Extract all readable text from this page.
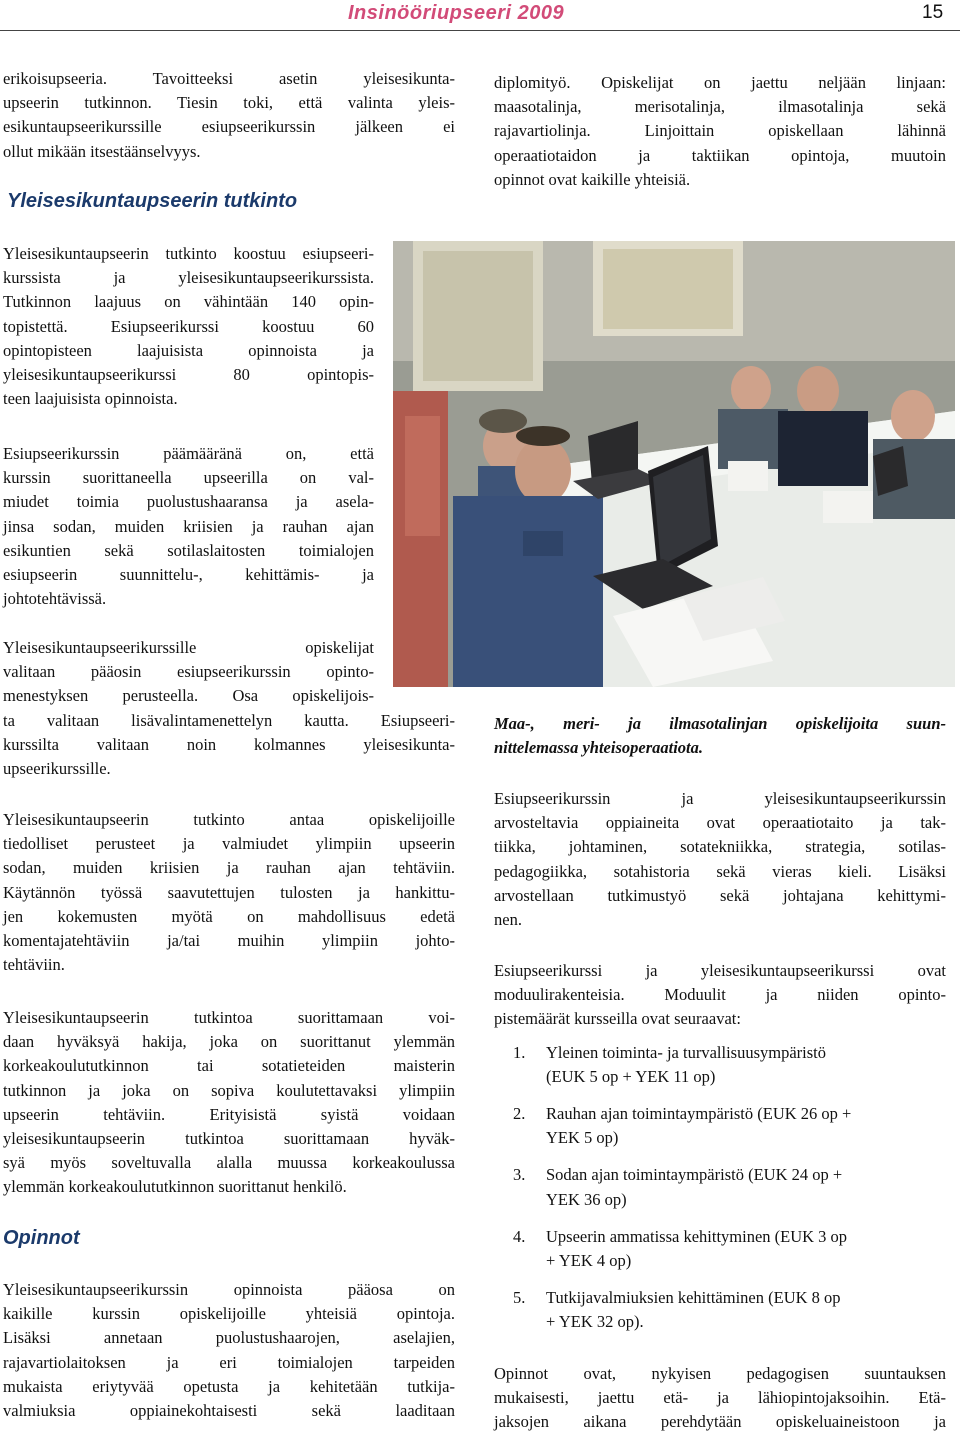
Insinööriupseeri 2009	15
erikoisupseeria. Tavoitteeksi asetin yleisesikunta-
upseerin tutkinnon. Tiesin toki, että valinta yleis-
esikuntaupseerikurssille esiupseerikurssin jälkeen ei
ollut mikään itsestäänselvyys.
Yleisesikuntaupseerin tutkinto
Yleisesikuntaupseerin tutkinto koostuu esiupseeri-
kurssista ja yleisesikuntaupseerikurssista.
Tutkinnon laajuus on vähintään 140 opin-
topistettä. Esiupseerikurssi koostuu 60
opintopisteen laajuisista opinnoista ja
yleisesikuntaupseerikurssi 80 opintopis-
teen laajuisista opinnoista.
Esiupseerikurssin päämääränä on, että
kurssin suorittaneella upseerilla on val-
miudet toimia puolustushaaransa ja asela-
jinsa sodan, muiden kriisien ja rauhan ajan
esikuntien sekä sotilaslaitosten toimialojen
esiupseerin suunnittelu-, kehittämis- ja
johtotehtävissä.
Yleisesikuntaupseerikurssille opiskelijat
valitaan pääosin esiupseerikurssin opinto-
menestyksen perusteella. Osa opiskelijois-
ta valitaan lisävalintamenettelyn kautta. Esiupseeri-
kurssilta valitaan noin kolmannes yleisesikunta-
upseerikurssille.
Yleisesikuntaupseerin tutkinto antaa opiskelijoille
tiedolliset perusteet ja valmiudet ylimpiin upseerin
sodan, muiden kriisien ja rauhan ajan tehtäviin.
Käytännön työssä saavutettujen tulosten ja hankittu-
jen kokemusten myötä on mahdollisuus edetä
komentajatehtäviin ja/tai muihin ylimpiin johto-
tehtäviin.
Yleisesikuntaupseerin tutkintoa suorittamaan voi-
daan hyväksyä hakija, joka on suorittanut ylemmän
korkeakoulututkinnon tai sotatieteiden maisterin
tutkinnon ja joka on sopiva koulutettavaksi ylimpiin
upseerin tehtäviin. Erityisistä syistä voidaan
yleisesikuntaupseerin tutkintoa suorittamaan hyväk-
syä myös soveltuvalla alalla muussa korkeakoulussa
ylemmän korkeakoulututkinnon suorittanut henkilö.
Opinnot
Yleisesikuntaupseerikurssin opinnoista pääosa on
kaikille kurssin opiskelijoille yhteisiä opintoja.
Lisäksi annetaan puolustushaarojen, aselajien,
rajavartiolaitoksen ja eri toimialojen tarpeiden
mukaista eriytyvää opetusta ja kehitetään tutkija-
valmiuksia oppiainekohtaisesti sekä laaditaan
diplomityö. Opiskelijat on jaettu neljään linjaan:
maasotalinja, merisotalinja, ilmasotalinja sekä
rajavartiolinja. Linjoittain opiskellaan lähinnä
operaatiotaidon ja taktiikan opintoja, muutoin
opinnot ovat kaikille yhteisiä.
Maa-, meri- ja ilmasotalinjan opiskelijoita suun-
nittelemassa yhteisoperaatiota.
Esiupseerikurssin ja yleisesikuntaupseerikurssin
arvosteltavia oppiaineita ovat operaatiotaito ja tak-
tiikka, johtaminen, sotatekniikka, strategia, sotilas-
pedagogiikka, sotahistoria sekä vieras kieli. Lisäksi
arvostellaan tutkimustyö sekä johtajana kehittymi-
nen.
Esiupseerikurssi ja yleisesikuntaupseerikurssi ovat
moduulirakenteisia. Moduulit ja niiden opinto-
pistemäärät kursseilla ovat seuraavat:
1. Yleinen toiminta- ja turvallisuusympäristö
(EUK 5 op + YEK 11 op)
2. Rauhan ajan toimintaympäristö (EUK 26 op +
YEK 5 op)
3. Sodan ajan toimintaympäristö (EUK 24 op +
YEK 36 op)
4. Upseerin ammatissa kehittyminen (EUK 3 op
+ YEK 4 op)
5. Tutkijavalmiuksien kehittäminen (EUK 8 op
+ YEK 32 op).
Opinnot ovat, nykyisen pedagogisen suuntauksen
mukaisesti, jaettu etä- ja lähiopintojaksoihin. Etä-
jaksojen aikana perehdytään opiskeluaineistoon ja
